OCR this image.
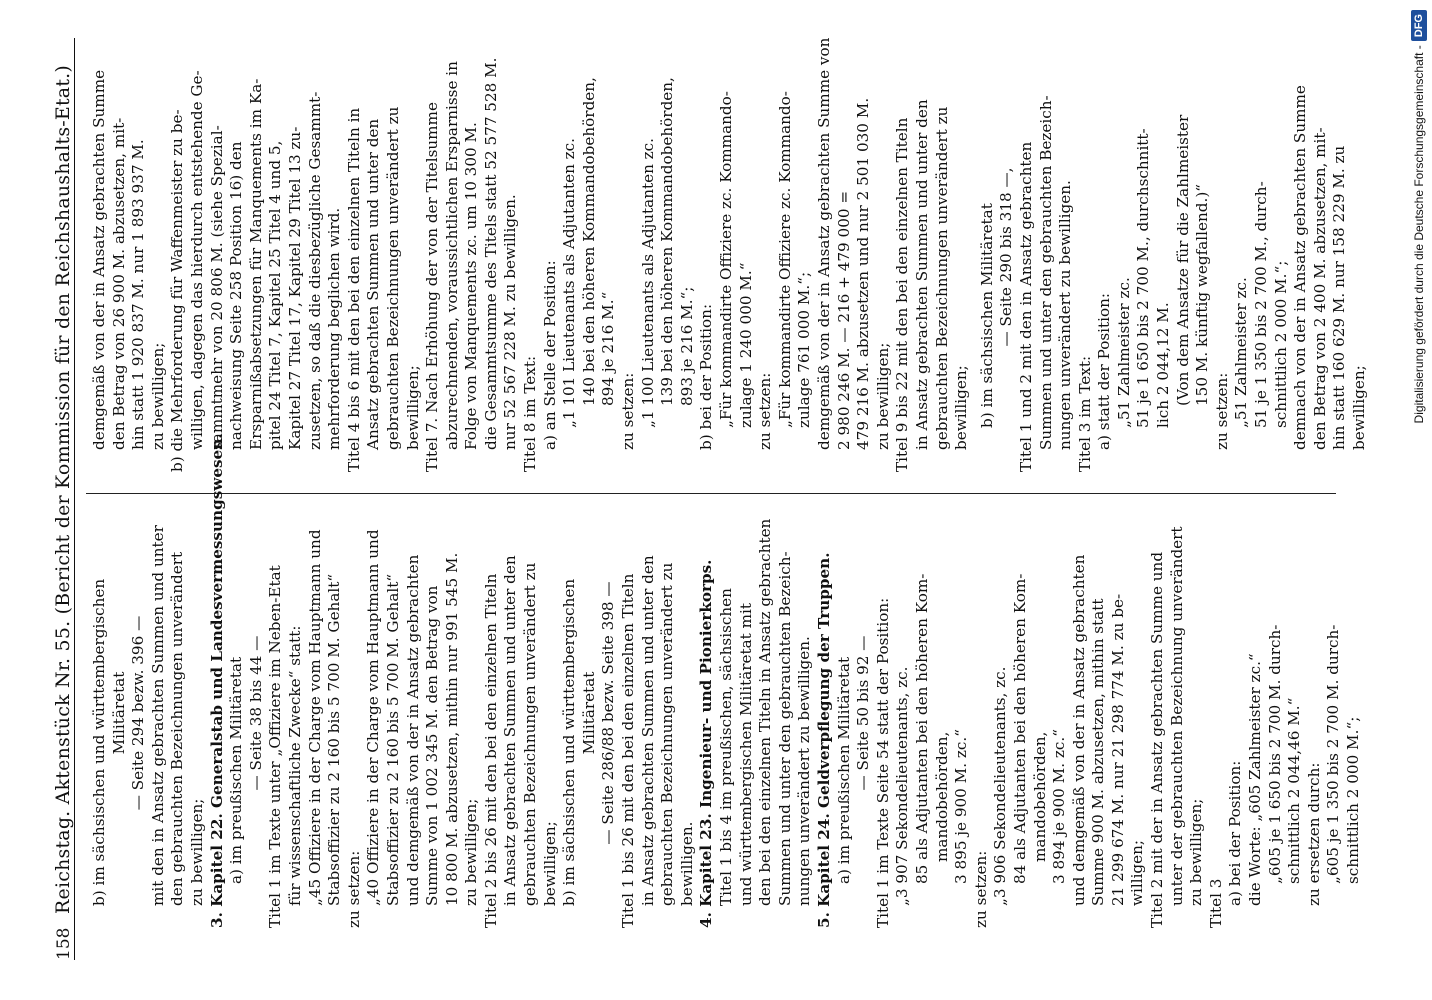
158
Reichstag. Aktenstück Nr. 55. (Bericht der Kommission für den Reichshaushalts-Etat.) b) im sächsischen und württembergischen Militäretat — Seite 294 bezw. 396 — mit den in Ansatz gebrachten Summen und unter den gebrauchten Bezeichnungen unverändert zu bewilligen; 3. Kapitel 22. Generalstab und Landesvermessungswesen. a) im preußischen Militäretat — Seite 38 bis 44 — Titel 1 im Texte unter „Offiziere im Neben-Etat für wissenschaftliche Zwecke“ statt: „45 Offiziere in der Charge vom Hauptmann und Stabsoffizier zu 2 160 bis 5 700 M. Gehalt“ zu setzen: „40 Offiziere in der Charge vom Hauptmann und Stabsoffizier zu 2 160 bis 5 700 M. Gehalt“ und demgemäß von der in Ansatz gebrachten Summe von 1 002 345 M. den Betrag von 10 800 M. abzusetzen, mithin nur 991 545 M. zu bewilligen; Titel 2 bis 26 mit den bei den einzelnen Titeln in Ansatz gebrachten Summen und unter den gebrauchten Bezeichnungen unverändert zu bewilligen; b) im sächsischen und württembergischen Militäretat — Seite 286/88 bezw. Seite 398 — Titel 1 bis 26 mit den bei den einzelnen Titeln in Ansatz gebrachten Summen und unter den gebrauchten Bezeichnungen unverändert zu bewilligen. 4. Kapitel 23. Ingenieur- und Pionierkorps. Titel 1 bis 4 im preußischen, sächsischen und württembergischen Militäretat mit den bei den einzelnen Titeln in Ansatz gebrachten Summen und unter den gebrauchten Bezeich- nungen unverändert zu bewilligen. 5. Kapitel 24. Geldverpflegung der Truppen. a) im preußischen Militäretat — Seite 50 bis 92 — Titel 1 im Texte Seite 54 statt der Position: „3 907 Sekondelieutenants, zc. 85 als Adjutanten bei den höheren Kom- mandobehörden, 3 895 je 900 M. zc.“
zu setzen: „3 906 Sekondelieutenants, zc. 84 als Adjutanten bei den höheren Kom- mandobehörden, 3 894 je 900 M. zc.“ und demgemäß von der in Ansatz gebrachten Summe 900 M. abzusetzen, mithin statt 21 299 674 M. nur 21 298 774 M. zu be- willigen; Titel 2 mit der in Ansatz gebrachten Summe und unter der gebrauchten Bezeichnung unverändert zu bewilligen; Titel 3 a) bei der Position: die Worte: „605 Zahlmeister zc.“ „605 je 1 650 bis 2 700 M. durch- schnittlich 2 044,46 M.“ zu ersetzen durch: „605 je 1 350 bis 2 700 M. durch- schnittlich 2 000 M.“;
demgemäß von der in Ansatz gebrachten Summe den Betrag von 26 900 M. abzusetzen, mit- hin statt 1 920 837 M. nur 1 893 937 M. zu bewilligen; b) die Mehrforderung für Waffenmeister zu be- willigen, dagegen das hierdurch entstehende Ge- sammtmehr von 20 806 M. (siehe Spezial- nachweisung Seite 258 Position 16) den Ersparnißabsetzungen für Manquements im Ka- pitel 24 Titel 7, Kapitel 25 Titel 4 und 5, Kapitel 27 Titel 17, Kapitel 29 Titel 13 zu- zusetzen, so daß die diesbezügliche Gesammt- mehrforderung beglichen wird. Titel 4 bis 6 mit den bei den einzelnen Titeln in Ansatz gebrachten Summen und unter den gebrauchten Bezeichnungen unverändert zu bewilligen; Titel 7. Nach Erhöhung der von der Titelsumme abzurechnenden, voraussichtlichen Ersparnisse in Folge von Manquements zc. um 10 300 M. die Gesammtsumme des Titels statt 52 577 528 M. nur 52 567 228 M. zu bewilligen. Titel 8 im Text: a) an Stelle der Position: „1 101 Lieutenants als Adjutanten zc. 140 bei den höheren Kommandobehörden, 894 je 216 M.“
zu setzen: „1 100 Lieutenants als Adjutanten zc. 139 bei den höheren Kommandobehörden, 893 je 216 M.“; b) bei der Position: „Für kommandirte Offiziere zc. Kommando- zulage 1 240 000 M.“ zu setzen: „Für kommandirte Offiziere zc. Kommando- zulage 761 000 M.“; demgemäß von der in Ansatz gebrachten Summe von 2 980 246 M. — 216 + 479 000 = 479 216 M. abzusetzen und nur 2 501 030 M. zu bewilligen; Titel 9 bis 22 mit den bei den einzelnen Titeln in Ansatz gebrachten Summen und unter den gebrauchten Bezeichnungen unverändert zu bewilligen; b) im sächsischen Militäretat — Seite 290 bis 318 —, Titel 1 und 2 mit den in Ansatz gebrachten Summen und unter den gebrauchten Bezeich- nungen unverändert zu bewilligen. Titel 3 im Text: a) statt der Position: „51 Zahlmeister zc. 51 je 1 650 bis 2 700 M., durchschnitt- lich 2 044,12 M. (Von dem Ansatze für die Zahlmeister 150 M. künftig wegfallend.)“
zu setzen: „51 Zahlmeister zc. 51 je 1 350 bis 2 700 M., durch- schnittlich 2 000 M.“; demnach von der in Ansatz gebrachten Summe den Betrag von 2 400 M. abzusetzen, mit- hin statt 160 629 M. nur 158 229 M. zu bewilligen;	Digitalisierung gefördert durch die Deutsche Forschungsgemeinschaft -
DFG
